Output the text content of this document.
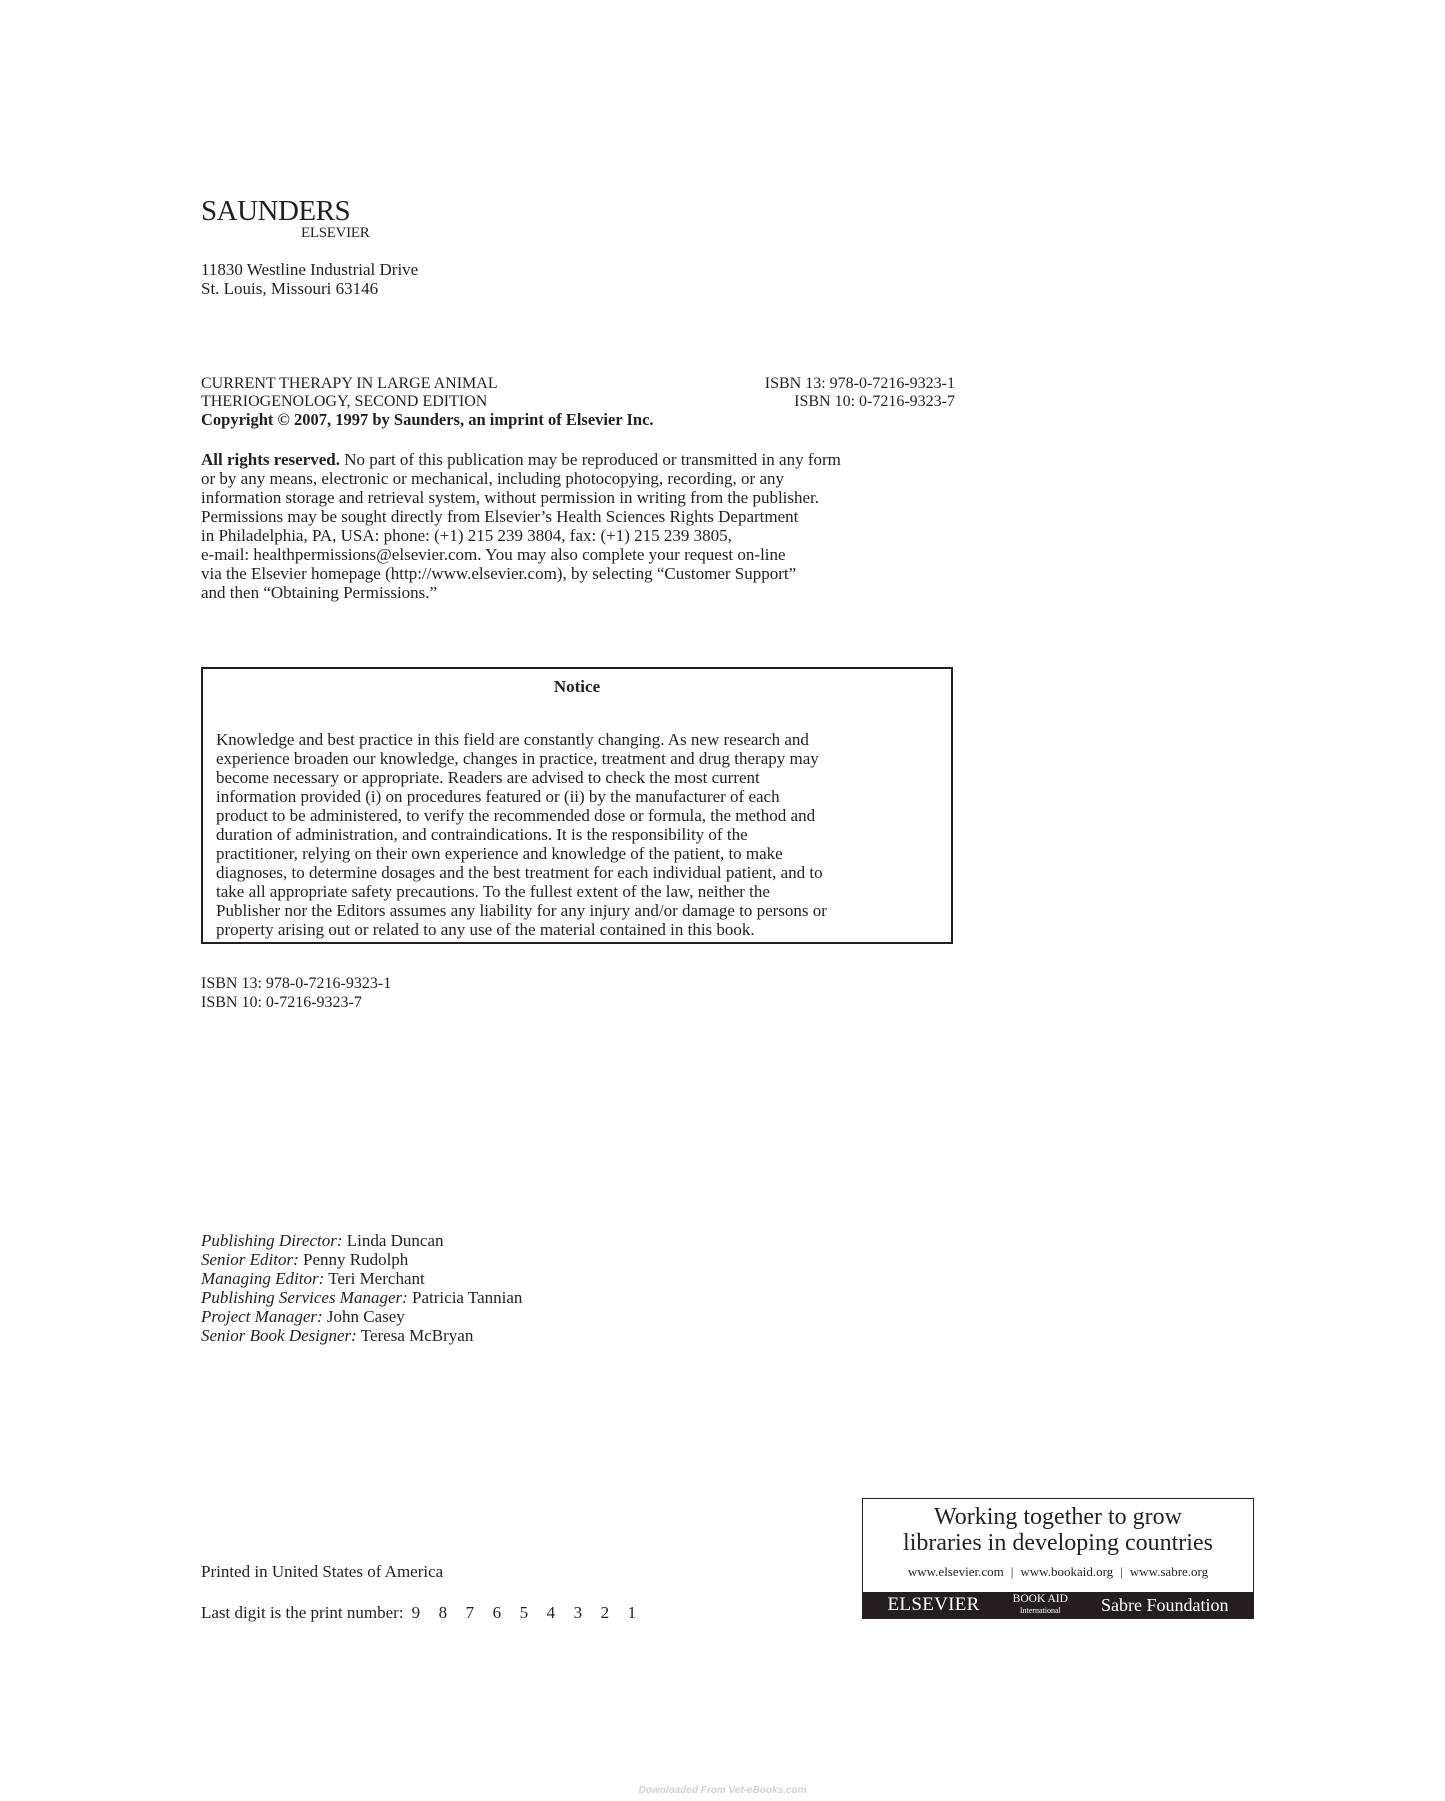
SAUNDERS
ELSEVIER
11830 Westline Industrial Drive
St. Louis, Missouri 63146
CURRENT THERAPY IN LARGE ANIMAL	ISBN 13: 978-0-7216-9323-1
THERIOGENOLOGY, SECOND EDITION	ISBN 10: 0-7216-9323-7
Copyright © 2007, 1997 by Saunders, an imprint of Elsevier Inc.
All rights reserved. No part of this publication may be reproduced or transmitted in any form
or by any means, electronic or mechanical, including photocopying, recording, or any
information storage and retrieval system, without permission in writing from the publisher.
Permissions may be sought directly from Elsevier’s Health Sciences Rights Department
in Philadelphia, PA, USA: phone: (+1) 215 239 3804, fax: (+1) 215 239 3805,
e-mail: healthpermissions@elsevier.com. You may also complete your request on-line
via the Elsevier homepage (http://www.elsevier.com), by selecting “Customer Support”
and then “Obtaining Permissions.”
Notice
Knowledge and best practice in this field are constantly changing. As new research and
experience broaden our knowledge, changes in practice, treatment and drug therapy may
become necessary or appropriate. Readers are advised to check the most current
information provided (i) on procedures featured or (ii) by the manufacturer of each
product to be administered, to verify the recommended dose or formula, the method and
duration of administration, and contraindications. It is the responsibility of the
practitioner, relying on their own experience and knowledge of the patient, to make
diagnoses, to determine dosages and the best treatment for each individual patient, and to
take all appropriate safety precautions. To the fullest extent of the law, neither the
Publisher nor the Editors assumes any liability for any injury and/or damage to persons or
property arising out or related to any use of the material contained in this book.
ISBN 13: 978-0-7216-9323-1
ISBN 10: 0-7216-9323-7
Publishing Director: Linda Duncan
Senior Editor: Penny Rudolph
Managing Editor: Teri Merchant
Publishing Services Manager: Patricia Tannian
Project Manager: John Casey
Senior Book Designer: Teresa McBryan
Printed in United States of America
Last digit is the print number: 9	8	7	6	5	4	3	2	1
Working together to grow
libraries in developing countries
www.elsevier.com | www.bookaid.org | www.sabre.org
ELSEVIER	BOOK AID
International Sabre Foundation
Downloaded From Vet-eBooks.com
